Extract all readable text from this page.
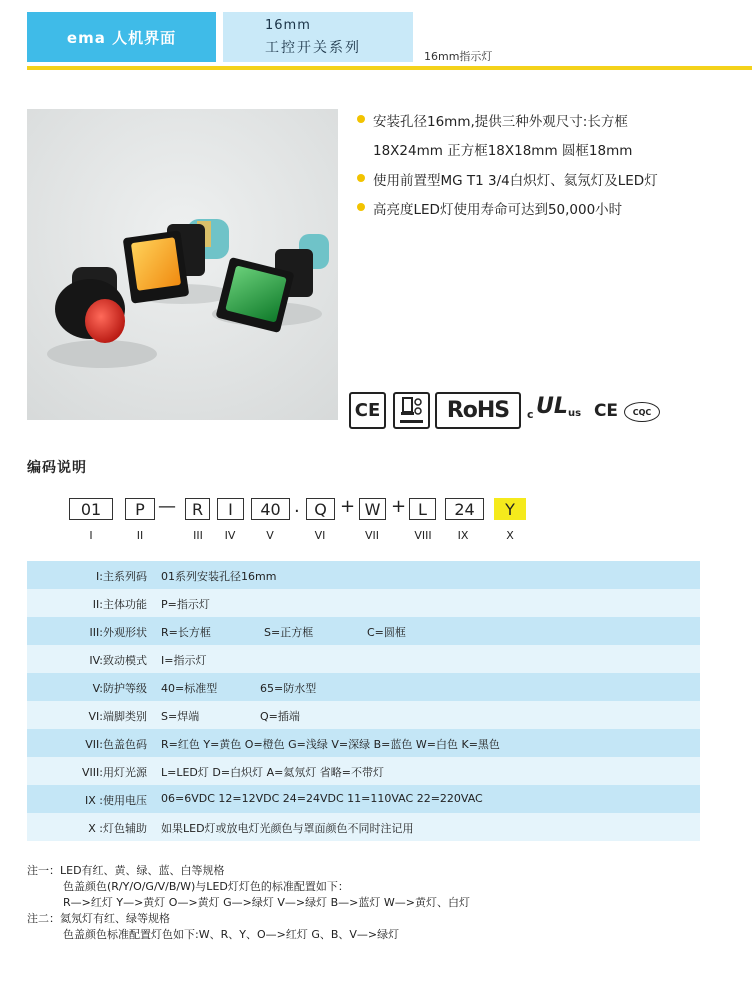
ema 人机界面
16mm
工控开关系列
16mm指示灯
安装孔径16mm,提供三种外观尺寸:长方框
18X24mm 正方框18X18mm 圆框18mm
使用前置型MG T1 3/4白炽灯、氦氖灯及LED灯
高亮度LED灯使用寿命可达到50,000小时
CE	RoHS	c UL us CE	CQC
编码说明
01	P — R	I	40 . Q + W + L	24	Y
I	II	III	IV	V	VI	VII	VIII	IX	X
I:主系列码 01系列安装孔径16mm
II:主体功能 P=指示灯
III:外观形状 R=长方框	S=正方框	C=圆框
IV:致动模式 I=指示灯
V:防护等级 40=标准型	65=防水型
VI:端脚类别 S=焊端	Q=插端
VII:色盖色码 R=红色 Y=黄色 O=橙色 G=浅绿 V=深绿 B=蓝色 W=白色 K=黑色
VIII:用灯光源 L=LED灯 D=白炽灯 A=氦氖灯 省略=不带灯
IX :使用电压 06=6VDC 12=12VDC 24=24VDC 11=110VAC 22=220VAC
X :灯色辅助 如果LED灯或放电灯光颜色与罩面颜色不同时注记用
注一：LED有红、黄、绿、蓝、白等规格
色盖颜色(R/Y/O/G/V/B/W)与LED灯灯色的标准配置如下：
R—>红灯 Y—>黄灯 O—>黄灯 G—>绿灯 V—>绿灯 B—>蓝灯 W—>黄灯、白灯
注二：氦氖灯有红、绿等规格
色盖颜色标准配置灯色如下:W、R、Y、O—>红灯 G、B、V—>绿灯
